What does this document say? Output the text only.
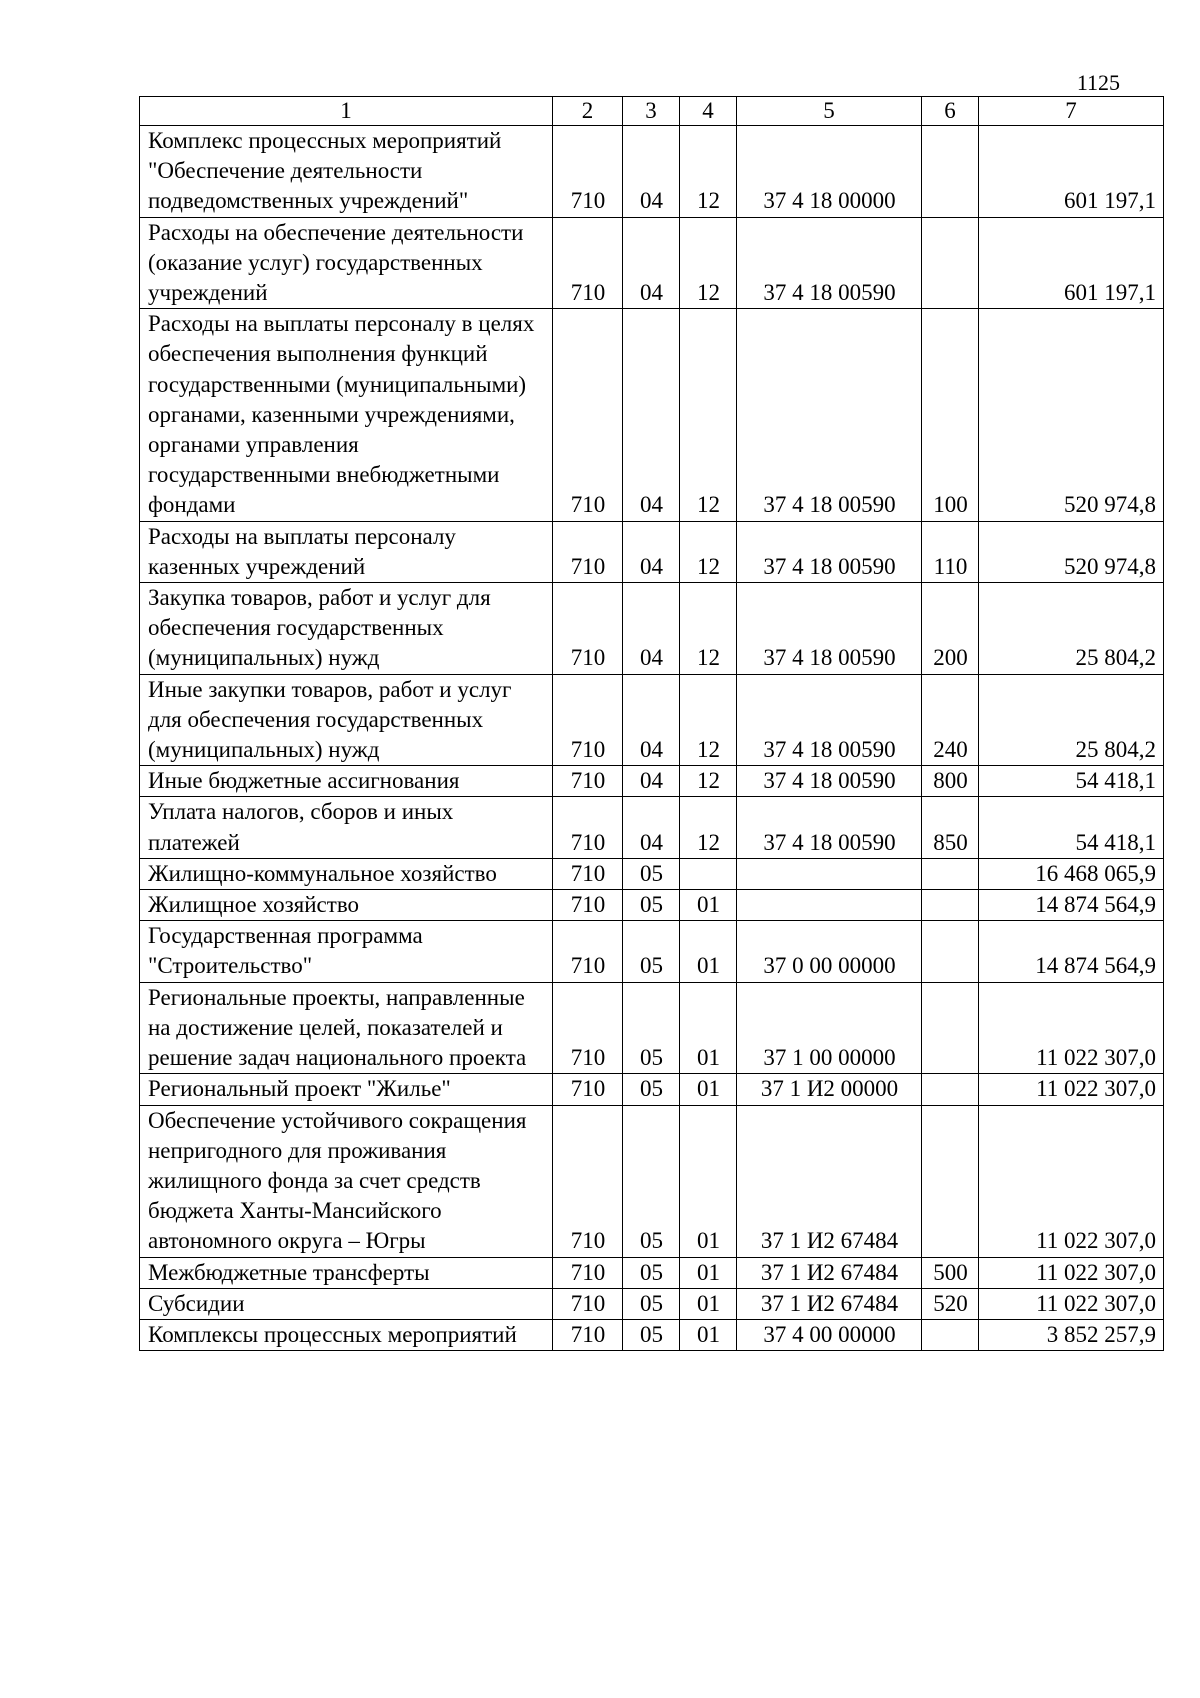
1125
1	2	3	4	5	6	7
Комплекс процессных мероприятий "Обеспечение деятельности подведомственных учреждений"	710	04	12	37 4 18 00000		601 197,1
Расходы на обеспечение деятельности (оказание услуг) государственных учреждений	710	04	12	37 4 18 00590		601 197,1
Расходы на выплаты персоналу в целях обеспечения выполнения функций государственными (муниципальными) органами, казенными учреждениями, органами управления государственными внебюджетными фондами	710	04	12	37 4 18 00590	100	520 974,8
Расходы на выплаты персоналу казенных учреждений	710	04	12	37 4 18 00590	110	520 974,8
Закупка товаров, работ и услуг для обеспечения государственных (муниципальных) нужд	710	04	12	37 4 18 00590	200	25 804,2
Иные закупки товаров, работ и услуг для обеспечения государственных (муниципальных) нужд	710	04	12	37 4 18 00590	240	25 804,2
Иные бюджетные ассигнования	710	04	12	37 4 18 00590	800	54 418,1
Уплата налогов, сборов и иных платежей	710	04	12	37 4 18 00590	850	54 418,1
Жилищно-коммунальное хозяйство	710	05				16 468 065,9
Жилищное хозяйство	710	05	01			14 874 564,9
Государственная программа "Строительство"	710	05	01	37 0 00 00000		14 874 564,9
Региональные проекты, направленные на достижение целей, показателей и решение задач национального проекта	710	05	01	37 1 00 00000		11 022 307,0
Региональный проект "Жилье"	710	05	01	37 1 И2 00000		11 022 307,0
Обеспечение устойчивого сокращения непригодного для проживания жилищного фонда за счет средств бюджета Ханты-Мансийского автономного округа – Югры	710	05	01	37 1 И2 67484		11 022 307,0
Межбюджетные трансферты	710	05	01	37 1 И2 67484	500	11 022 307,0
Субсидии	710	05	01	37 1 И2 67484	520	11 022 307,0
Комплексы процессных мероприятий	710	05	01	37 4 00 00000		3 852 257,9
